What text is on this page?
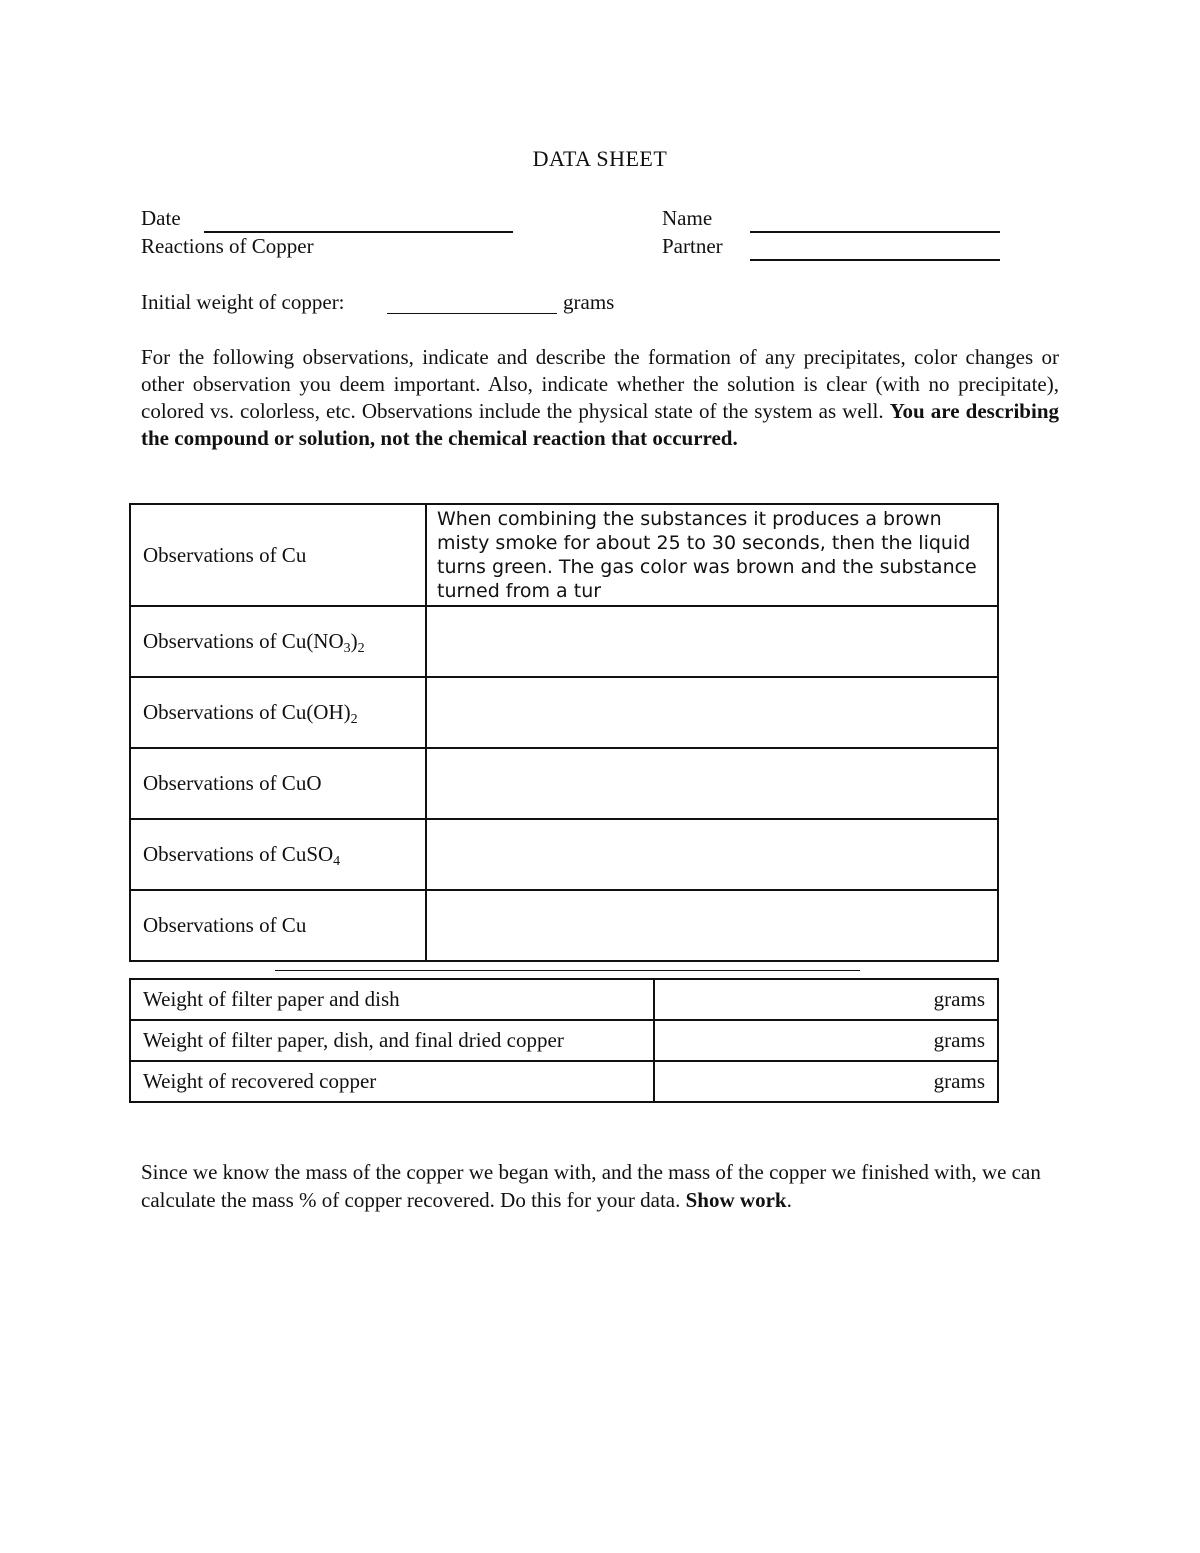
DATA SHEET
Date
Reactions of Copper
Name
Partner
Initial weight of copper:	grams
For the following observations, indicate and describe the formation of any precipitates, color changes or other observation you deem important. Also, indicate whether the solution is clear (with no precipitate), colored vs. colorless, etc. Observations include the physical state of the system as well. You are describing the compound or solution, not the chemical reaction that occurred.
Observations of Cu	When combining the substances it produces a brown misty smoke for about 25 to 30 seconds, then the liquid turns green. The gas color was brown and the substance turned from a tur
Observations of $Cu(NO_3)_2$	
Observations of $Cu(OH)_2$	
Observations of CuO	
Observations of CuSO$_4$	
Observations of Cu	
Weight of filter paper and dish	grams
Weight of filter paper, dish, and final dried copper	grams
Weight of recovered copper	grams
Since we know the mass of the copper we began with, and the mass of the copper we finished with, we can calculate the mass % of copper recovered. Do this for your data. Show work.
